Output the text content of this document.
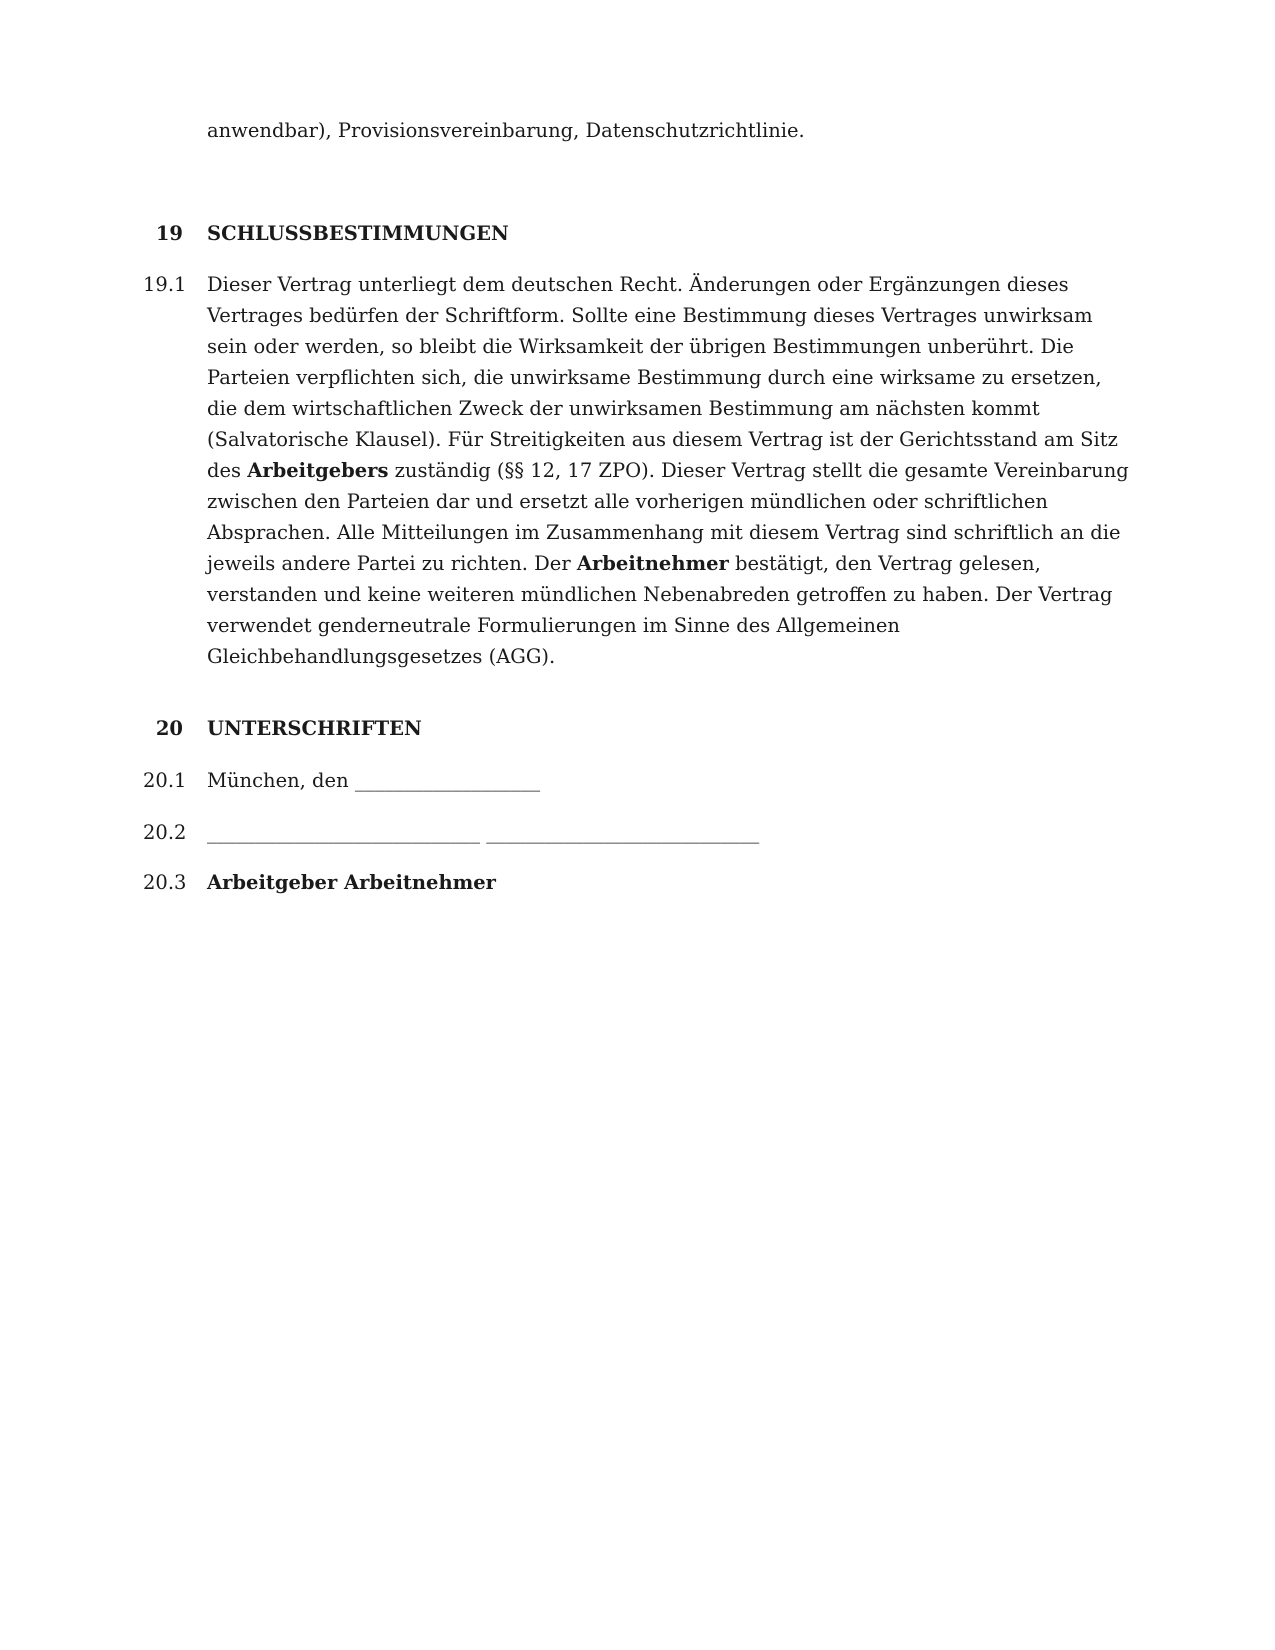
anwendbar), Provisionsvereinbarung, Datenschutzrichtlinie.
19 SCHLUSSBESTIMMUNGEN
19.1 Dieser Vertrag unterliegt dem deutschen Recht. Änderungen oder Ergänzungen dieses Vertrages bedürfen der Schriftform. Sollte eine Bestimmung dieses Vertrages unwirksam sein oder werden, so bleibt die Wirksamkeit der übrigen Bestimmungen unberührt. Die Parteien verpflichten sich, die unwirksame Bestimmung durch eine wirksame zu ersetzen, die dem wirtschaftlichen Zweck der unwirksamen Bestimmung am nächsten kommt (Salvatorische Klausel). Für Streitigkeiten aus diesem Vertrag ist der Gerichtsstand am Sitz des Arbeitgebers zuständig (§§ 12, 17 ZPO). Dieser Vertrag stellt die gesamte Vereinbarung zwischen den Parteien dar und ersetzt alle vorherigen mündlichen oder schriftlichen Absprachen. Alle Mitteilungen im Zusammenhang mit diesem Vertrag sind schriftlich an die jeweils andere Partei zu richten. Der Arbeitnehmer bestätigt, den Vertrag gelesen, verstanden und keine weiteren mündlichen Nebenabreden getroffen zu haben. Der Vertrag verwendet genderneutrale Formulierungen im Sinne des Allgemeinen Gleichbehandlungsgesetzes (AGG).
20 UNTERSCHRIFTEN
20.1 München, den ___________________
20.2 ____________________________ ____________________________
20.3 Arbeitgeber Arbeitnehmer
